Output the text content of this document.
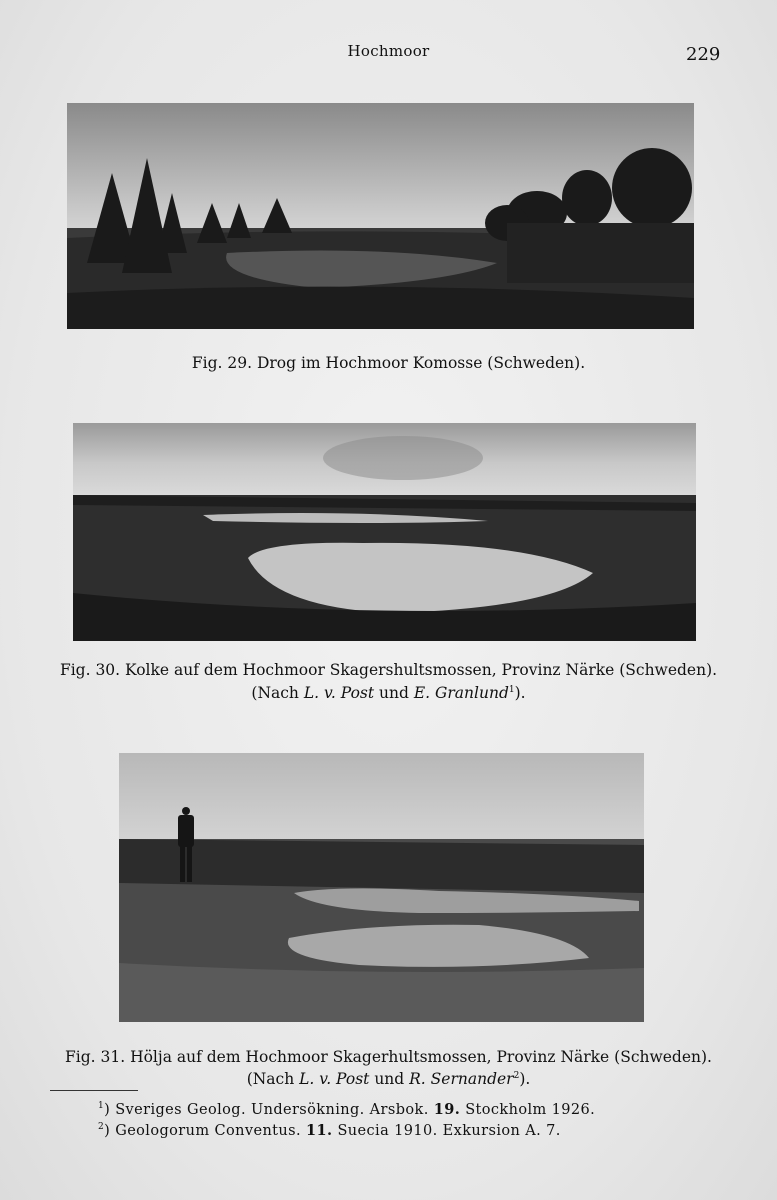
Hochmoor	229
Fig. 29. Drog im Hochmoor Komosse (Schweden).
Fig. 30. Kolke auf dem Hochmoor Skagershultsmossen, Provinz Närke (Schweden).
(Nach L. v. Post und E. Granlund$^1$).
Fig. 31. Hölja auf dem Hochmoor Skagerhultsmossen, Provinz Närke (Schweden).
(Nach L. v. Post und R. Sernander$^2$).
$^1$) Sveriges Geolog. Undersökning. Arsbok. 19. Stockholm 1926.
$^2$) Geologorum Conventus. 11. Suecia 1910. Exkursion A. 7.
